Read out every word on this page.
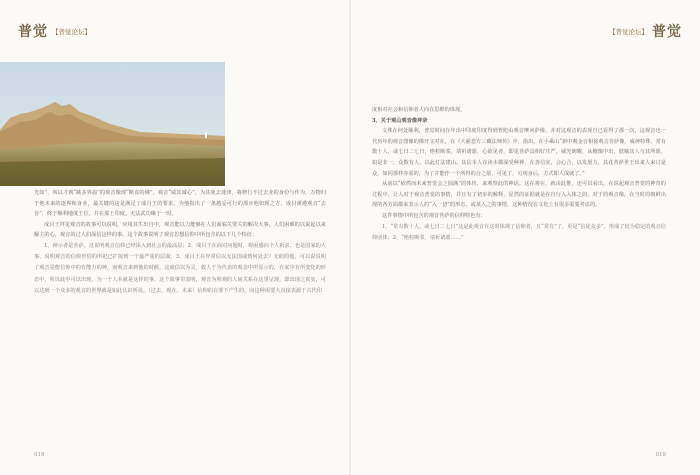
普觉 【普觉论坛】	【普觉论坛】 普觉

光如”，所以才到“跳多界温”的观音像现“断食的佛”，观音“威其诚心”，为其免去迷津，将修行不过去业的身份与作为，万物归于他未来的逐界和身业，最关键的这是满足了成月王的要求。为他指出了一条越妥可行的那应他如现之方。成目谨遵观音“去旨”，终于顺利地度王位，并在那王印度。无法武功臻于一时。

成目王拜见观音的故事可以说明，应用其生出自中，观音能以力能够在人们面临关要关的解决大事。人们困难的以说起以来解主的心，观音的过人们深信这样的事。这个故事说明了观音思想信仰中所包含的以下几个特征：

1、神示者是菩萨、这说明观音信仰已经深入到社会的最高层；2、成目王在面对问题时，将困惑向个人祈求，也是国家的大事，说明观音的信仰世俗的所祀已扩展到一个最严重的层面；3、成目王在异常信以无法国或到何处去？无助的他，可以说说明了观音是能信仰中的有能力的神，而观音来到他的时候，这就信以为灵，救人于为代表的观念中所显示的，在家中有所变化的形态中，所以此中可以出现，为一个人本就是这样的事。这个故事里表明，观音为所观的人间关系在这里呈现，即出现之真实，可以达到一个众多的观音的世界就是如此认识所说。（过去、现在、未来）信仰的有要下产生的，向这种需要大直接表源于古代印

度相对社会和信仰者人向在思维的体现。

3、关于观山观音像拜录

文殊在何处顺利，普觉时间在年出中印度印度得到普陀山观音摩诃萨像，并对这观音的表现自已看得了那一次，这观音也一代历年的观音图像的像开文对在，在《大慈悲方三藏法师传》中，指出，在小乘山“新中观金音相接观音菩萨像，威神特殊，常有数十人，或七日二七日，绝粒断浆，请祈诸愿，心欲见者，即见菩萨具相好庄严，威光朗曜，从檀像中出，慰喻其人与其所愿。如是非一，众数有人。以此灯法建山。其信本人在读本都深受种神，在善信实，会心合，以发愿力，其花菩萨世王出来人来讨是众，如同那样亦需的，为了并能作一个所得的合之愿，可见了，另现身后，方式即人成就了。”

从前以“依然而未来普觉会之圆满”的体传，来观察此的神话。这在观在，就由此推，还可以看出，在说起观音普觉的神奇的过程中，让人对于观音普觉的事情，并且有了初步的解释，显然的证据就是在自行入入体之的，对于的观音像，在当时的朝鲜出现的各方面都来表示人的“入一切”的形态，或某入之的事情，这种情况在文化上有很多需要考虑的。

这件事情中所包含的观音菩萨的信仰特色有：

1、“常有数十人，或七日二七日”这是此观音在这时体现了信仰者，且“常有”了，更是“信徒众多”，形成了较为稳定的观音信仰团体；2、“绝粒断浆，请祈诸愿……”

018	019
